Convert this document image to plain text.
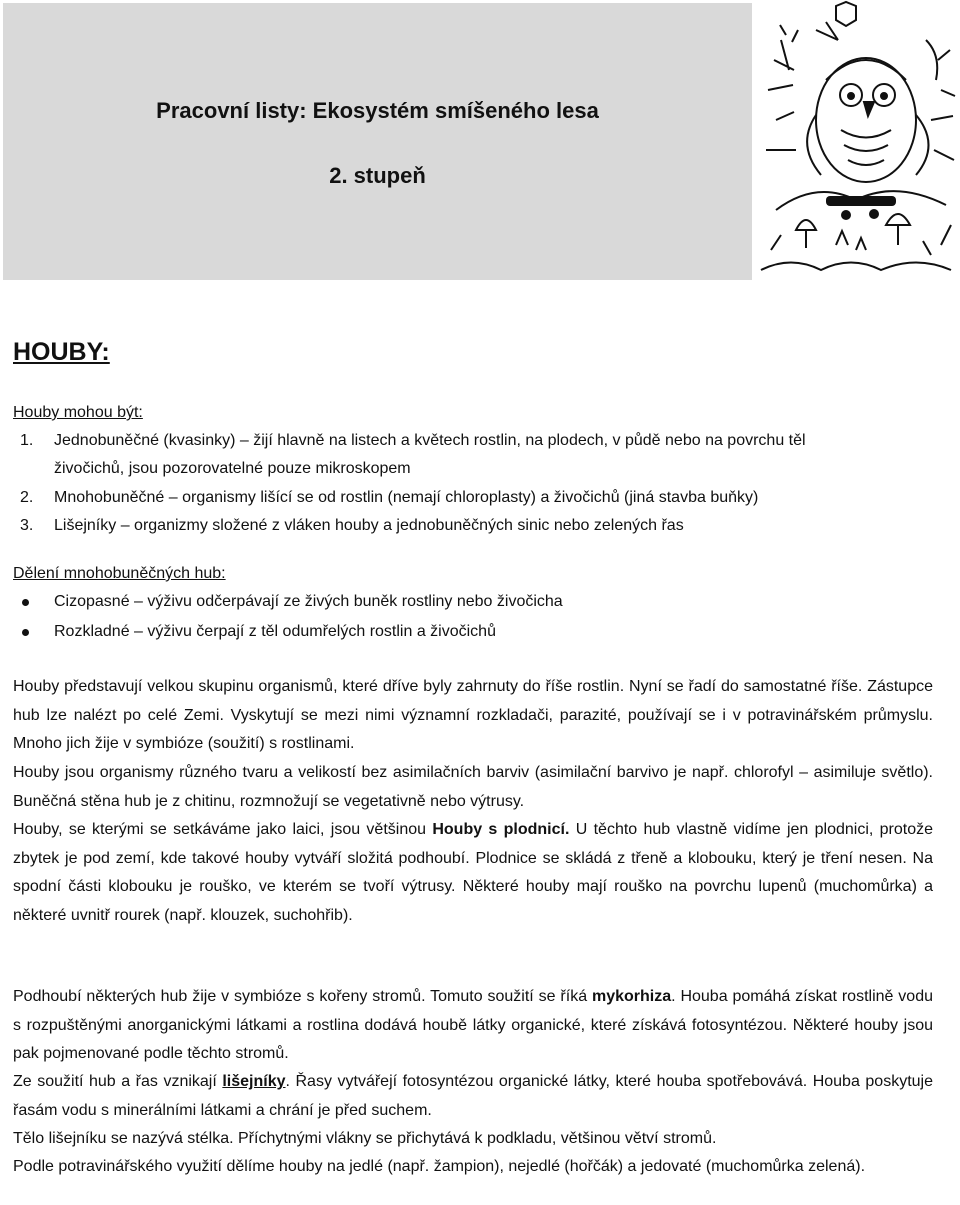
Pracovní listy: Ekosystém smíšeného lesa
2. stupeň
HOUBY:
Houby mohou být:
1. Jednobuněčné (kvasinky) – žijí hlavně na listech a květech rostlin, na plodech, v půdě nebo na povrchu těl
živočichů, jsou pozorovatelné pouze mikroskopem
2. Mnohobuněčné – organismy lišící se od rostlin (nemají chloroplasty) a živočichů (jiná stavba buňky)
3. Lišejníky – organizmy složené z vláken houby a jednobuněčných sinic nebo zelených řas
Dělení mnohobuněčných hub:
Cizopasné – výživu odčerpávají ze živých buněk rostliny nebo živočicha
Rozkladné – výživu čerpají z těl odumřelých rostlin a živočichů

Houby představují velkou skupinu organismů, které dříve byly zahrnuty do říše rostlin. Nyní se řadí do samostatné říše. Zástupce hub lze nalézt po celé Zemi. Vyskytují se mezi nimi významní rozkladači, parazité, používají se i v potravinářském průmyslu. Mnoho jich žije v symbióze (soužití) s rostlinami.

Houby jsou organismy různého tvaru a velikostí bez asimilačních barviv (asimilační barvivo je např. chlorofyl – asimiluje světlo). Buněčná stěna hub je z chitinu, rozmnožují se vegetativně nebo výtrusy.

Houby, se kterými se setkáváme jako laici, jsou většinou Houby s plodnicí. U těchto hub vlastně vidíme jen plodnici, protože zbytek je pod zemí, kde takové houby vytváří složitá podhoubí. Plodnice se skládá z třeně a klobouku, který je tření nesen. Na spodní části klobouku je rouško, ve kterém se tvoří výtrusy. Některé houby mají rouško na povrchu lupenů (muchomůrka) a některé uvnitř rourek (např. klouzek, suchohřib).

Podhoubí některých hub žije v symbióze s kořeny stromů. Tomuto soužití se říká mykorhiza. Houba pomáhá získat rostlině vodu s rozpuštěnými anorganickými látkami a rostlina dodává houbě látky organické, které získává fotosyntézou. Některé houby jsou pak pojmenované podle těchto stromů.

Ze soužití hub a řas vznikají lišejníky. Řasy vytvářejí fotosyntézou organické látky, které houba spotřebovává. Houba poskytuje řasám vodu s minerálními látkami a chrání je před suchem.

Tělo lišejníku se nazývá stélka. Příchytnými vlákny se přichytává k podkladu, většinou větví stromů.

Podle potravinářského využití dělíme houby na jedlé (např. žampion), nejedlé (hořčák) a jedovaté (muchomůrka zelená).
